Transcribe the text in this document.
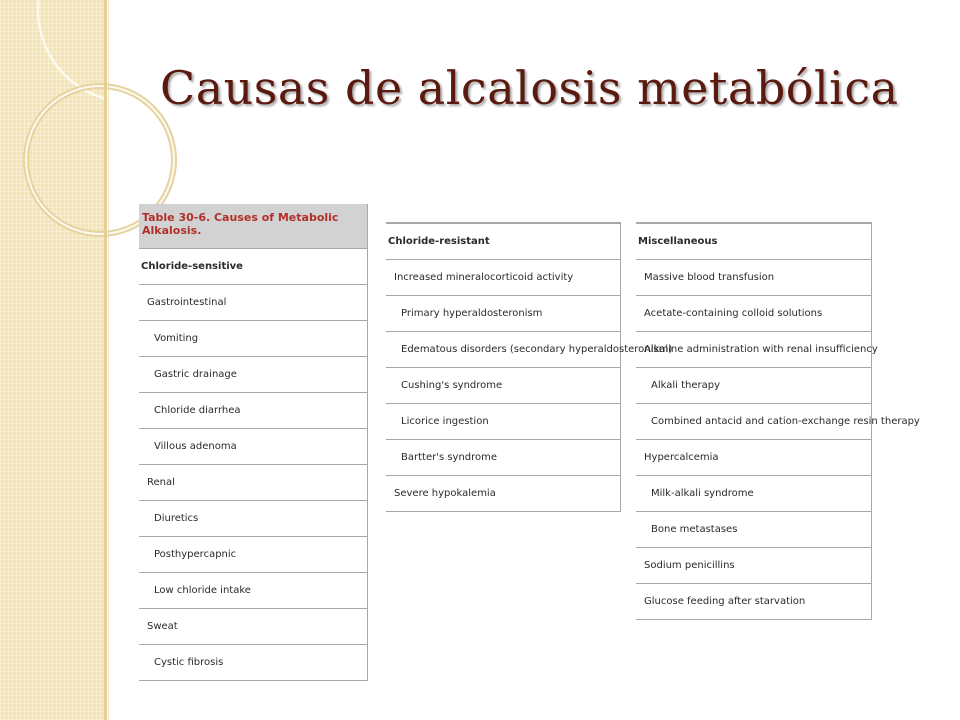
Causas de alcalosis metabólica
Table 30-6. Causes of Metabolic Alkalosis.
Chloride-sensitive
Gastrointestinal
Vomiting
Gastric drainage
Chloride diarrhea
Villous adenoma
Renal
Diuretics
Posthypercapnic
Low chloride intake
Sweat
Cystic fibrosis
Chloride-resistant
Increased mineralocorticoid activity
Primary hyperaldosteronism
Edematous disorders (secondary hyperaldosteronism)
Cushing's syndrome
Licorice ingestion
Bartter's syndrome
Severe hypokalemia
Miscellaneous
Massive blood transfusion
Acetate-containing colloid solutions
Alkaline administration with renal insufficiency
Alkali therapy
Combined antacid and cation-exchange resin therapy
Hypercalcemia
Milk-alkali syndrome
Bone metastases
Sodium penicillins
Glucose feeding after starvation
